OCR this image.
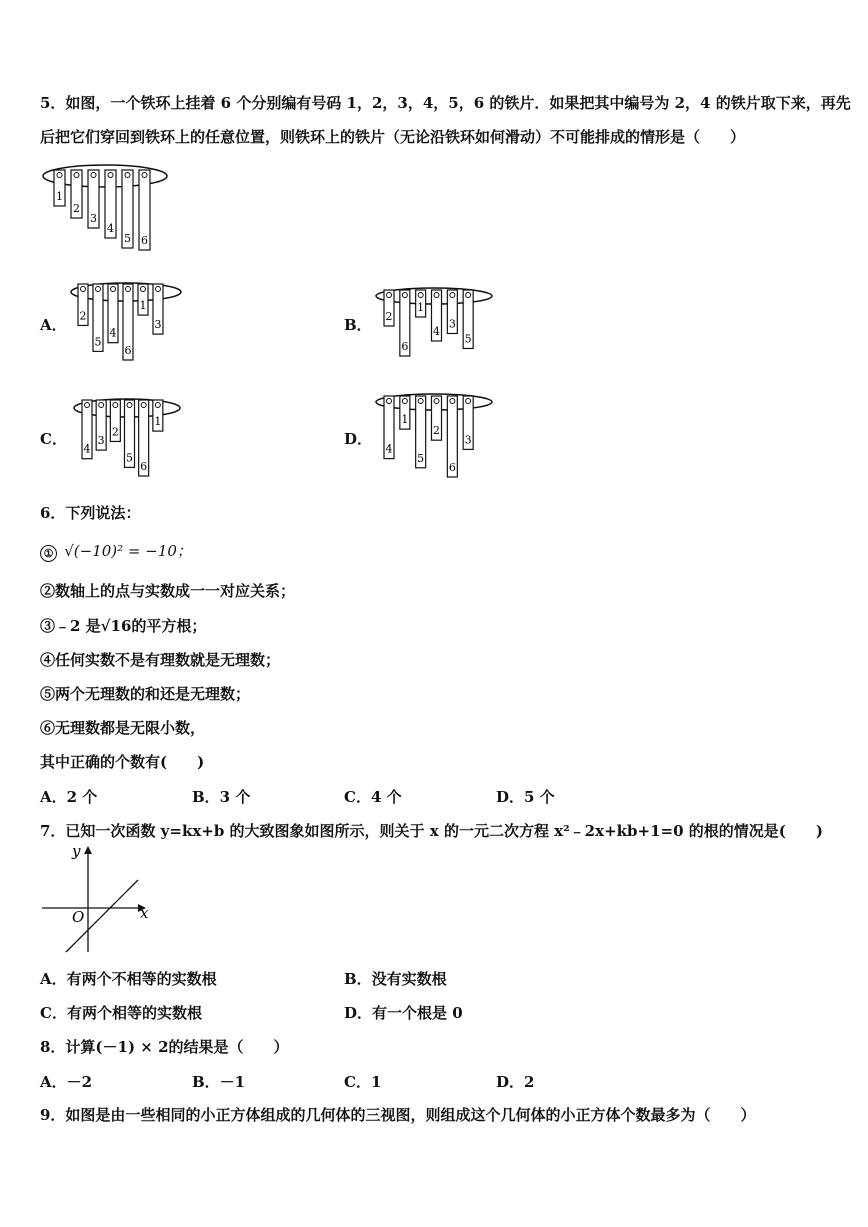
5．如图，一个铁环上挂着 6 个分别编有号码 1，2，3，4，5，6 的铁片．如果把其中编号为 2，4 的铁片取下来，再先
后把它们穿回到铁环上的任意位置，则铁环上的铁片（无论沿铁环如何滑动）不可能排成的情形是（　　）
1
2
3
4
5 6
A．
2
5
4
6
1
3	B． 2
6
1
4
3
5
C．
4
3
2
5
6
1
D．
4
1
5
2
6
3
6．下列说法：
① √(−10)² = −10；
②数轴上的点与实数成一一对应关系；
③﹣2 是√16的平方根；
④任何实数不是有理数就是无理数；
⑤两个无理数的和还是无理数；
⑥无理数都是无限小数，
其中正确的个数有(　　)
A．2 个	B．3 个	C．4 个	D．5 个
7．已知一次函数 y=kx+b 的大致图象如图所示，则关于 x 的一元二次方程 x²﹣2x+kb+1=0 的根的情况是(　　)
y
x
O
A．有两个不相等的实数根	B．没有实数根
C．有两个相等的实数根	D．有一个根是 0
8．计算(－1) × 2的结果是（　　）
A．－2	B．－1	C．1	D．2
9．如图是由一些相同的小正方体组成的几何体的三视图，则组成这个几何体的小正方体个数最多为（　　）
